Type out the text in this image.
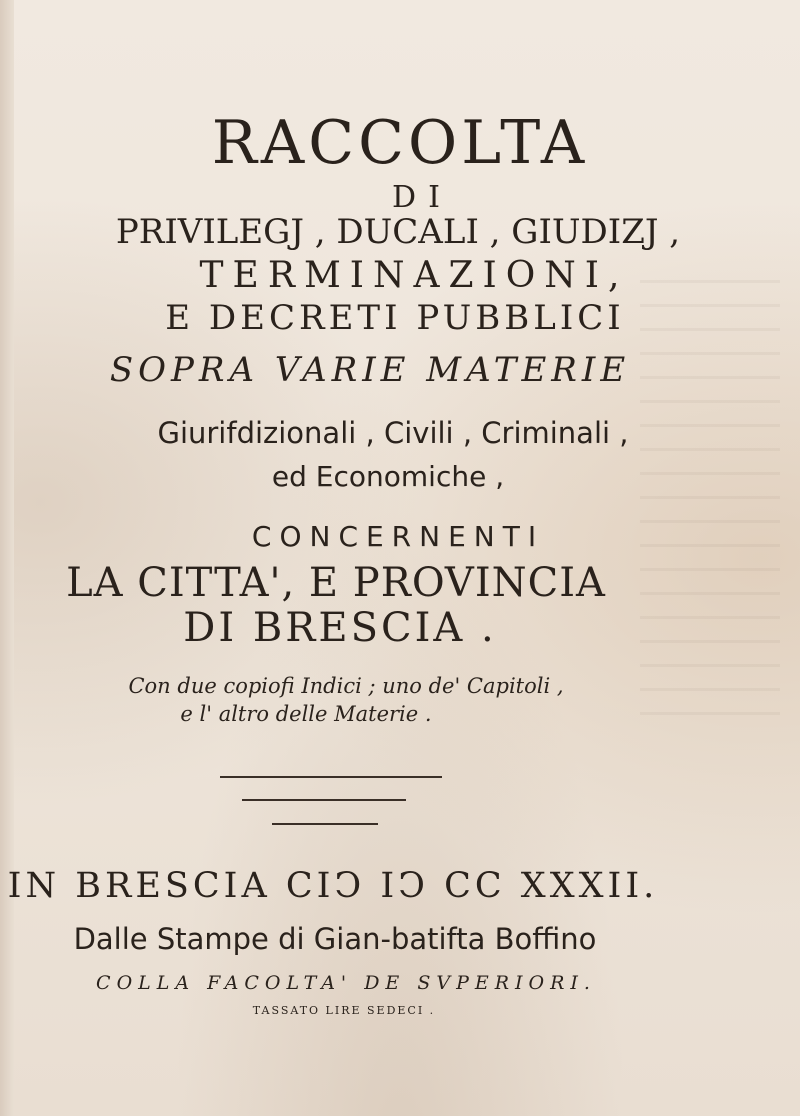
RACCOLTA
DI
PRIVILEGJ , DUCALI , GIUDIZJ ,
TERMINAZIONI,
E DECRETI PUBBLICI
SOPRA VARIE MATERIE
Giurifdizionali , Civili , Criminali ,
ed Economiche ,
CONCERNENTI
LA CITTA', E PROVINCIA
DI BRESCIA .
Con due copiofi Indici ; uno de' Capitoli ,
e l' altro delle Materie .
IN BRESCIA CIↃ IↃ CC XXXII.
Dalle Stampe di Gian-batifta Boffino
COLLA FACOLTA' DE SVPERIORI.
TASSATO LIRE SEDECI .
